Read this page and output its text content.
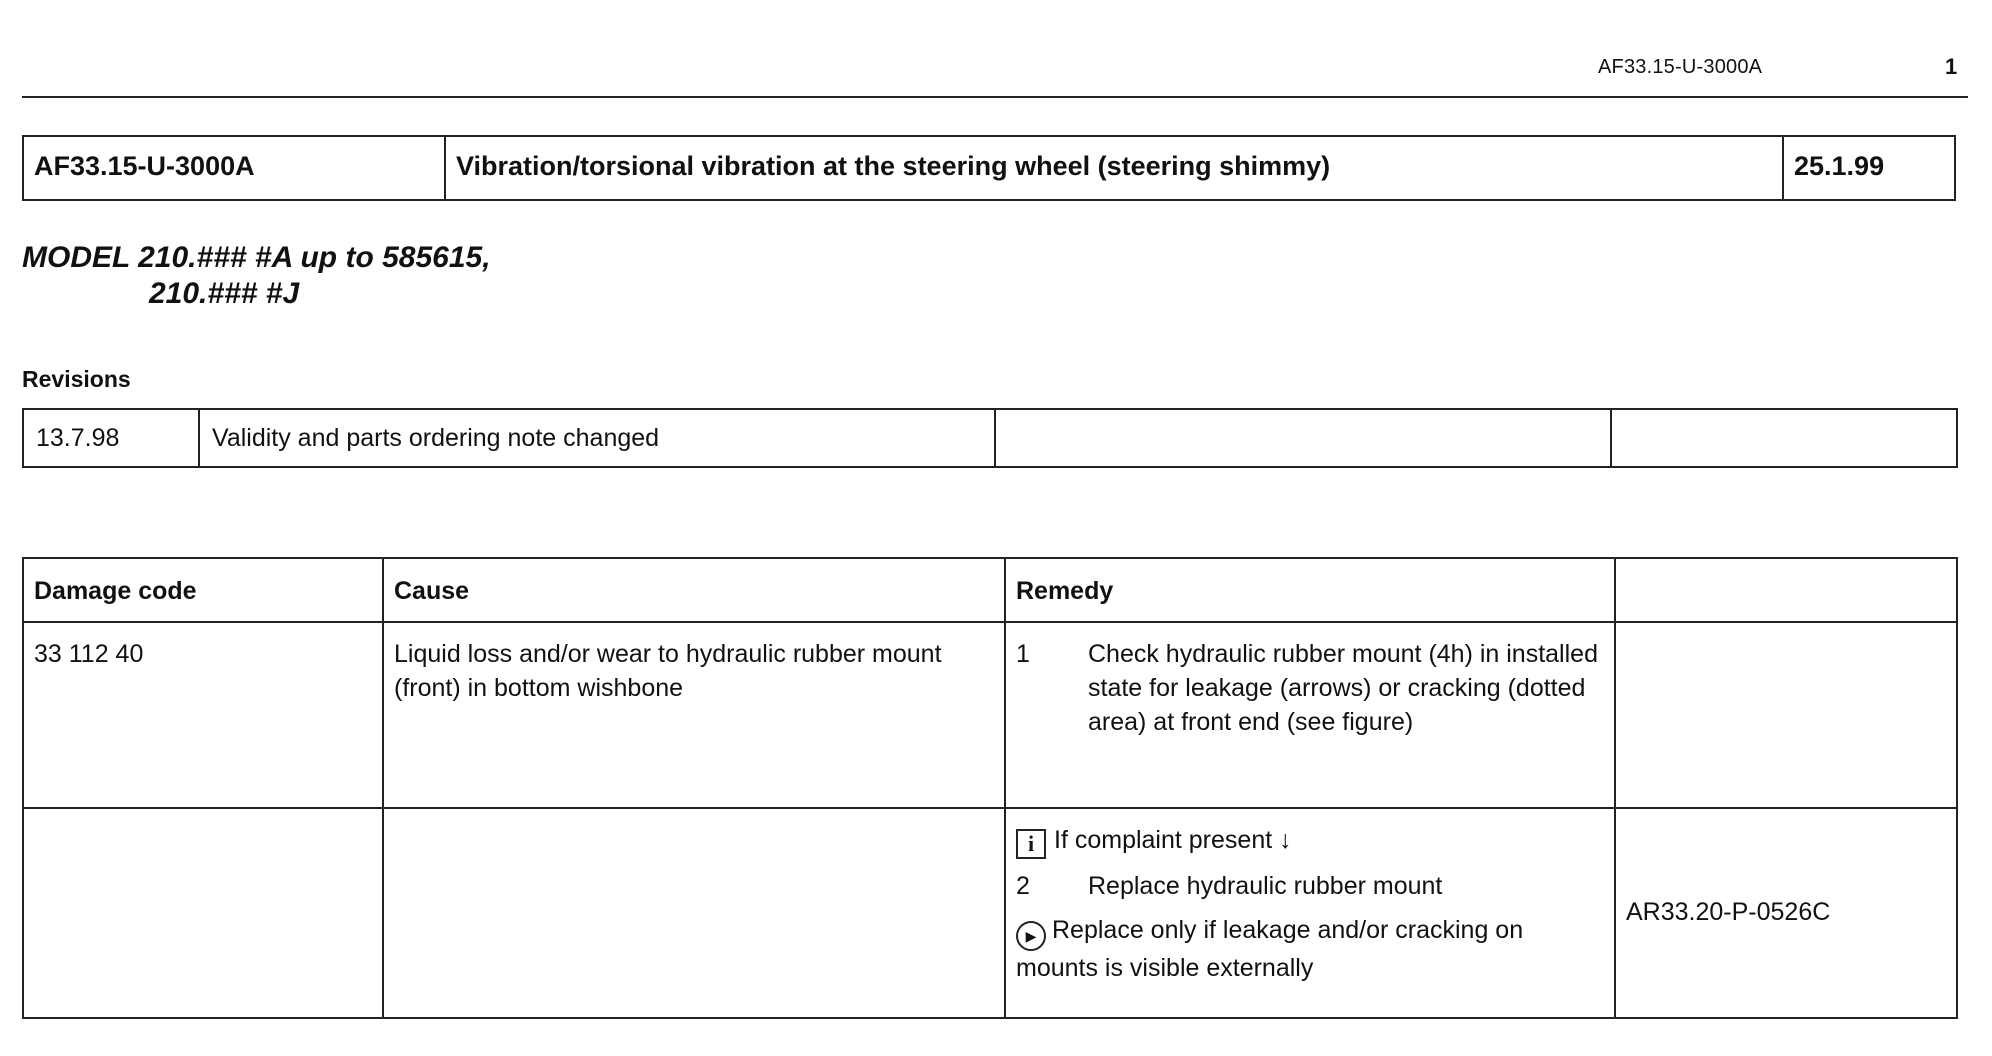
AF33.15-U-3000A	1
AF33.15-U-3000A	Vibration/torsional vibration at the steering wheel (steering shimmy)	25.1.99
MODEL 210.### #A up to 585615,
210.### #J
Revisions
13.7.98	Validity and parts ordering note changed		
Damage code	Cause	Remedy	
33 112 40	Liquid loss and/or wear to hydraulic rubber mount (front) in bottom wishbone	1 Check hydraulic rubber mount (4h) in installed state for leakage (arrows) or cracking (dotted area) at front end (see figure)	

		i If complaint present ↓
2 Replace hydraulic rubber mount
▶ Replace only if leakage and/or cracking on mounts is visible externally	AR33.20-P-0526C
